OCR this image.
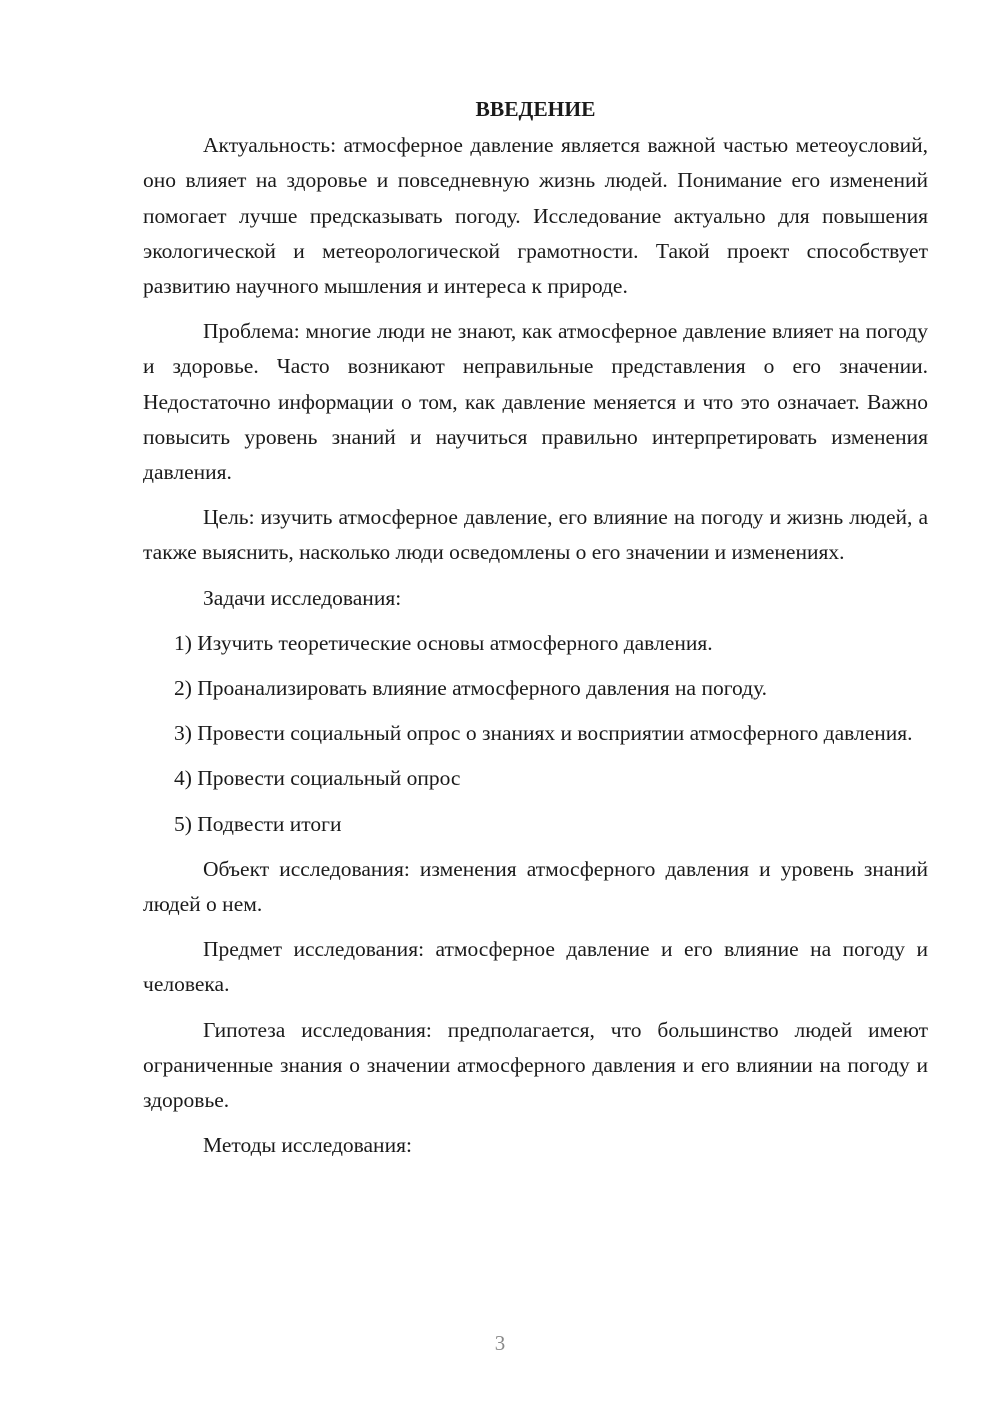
ВВЕДЕНИЕ

Актуальность: атмосферное давление является важной частью метеоусловий, оно влияет на здоровье и повседневную жизнь людей. Понимание его изменений помогает лучше предсказывать погоду. Исследование актуально для повышения экологической и метеорологической грамотности. Такой проект способствует развитию научного мышления и интереса к природе.

Проблема: многие люди не знают, как атмосферное давление влияет на погоду и здоровье. Часто возникают неправильные представления о его значении. Недостаточно информации о том, как давление меняется и что это означает. Важно повысить уровень знаний и научиться правильно интерпретировать изменения давления.

Цель: изучить атмосферное давление, его влияние на погоду и жизнь людей, а также выяснить, насколько люди осведомлены о его значении и изменениях.

Задачи исследования:

1) Изучить теоретические основы атмосферного давления.

2) Проанализировать влияние атмосферного давления на погоду.

3) Провести социальный опрос о знаниях и восприятии атмосферного давления.

4) Провести социальный опрос

5) Подвести итоги

Объект исследования: изменения атмосферного давления и уровень знаний людей о нем.

Предмет исследования: атмосферное давление и его влияние на погоду и человека.

Гипотеза исследования: предполагается, что большинство людей имеют ограниченные знания о значении атмосферного давления и его влиянии на погоду и здоровье.

Методы исследования:

3
